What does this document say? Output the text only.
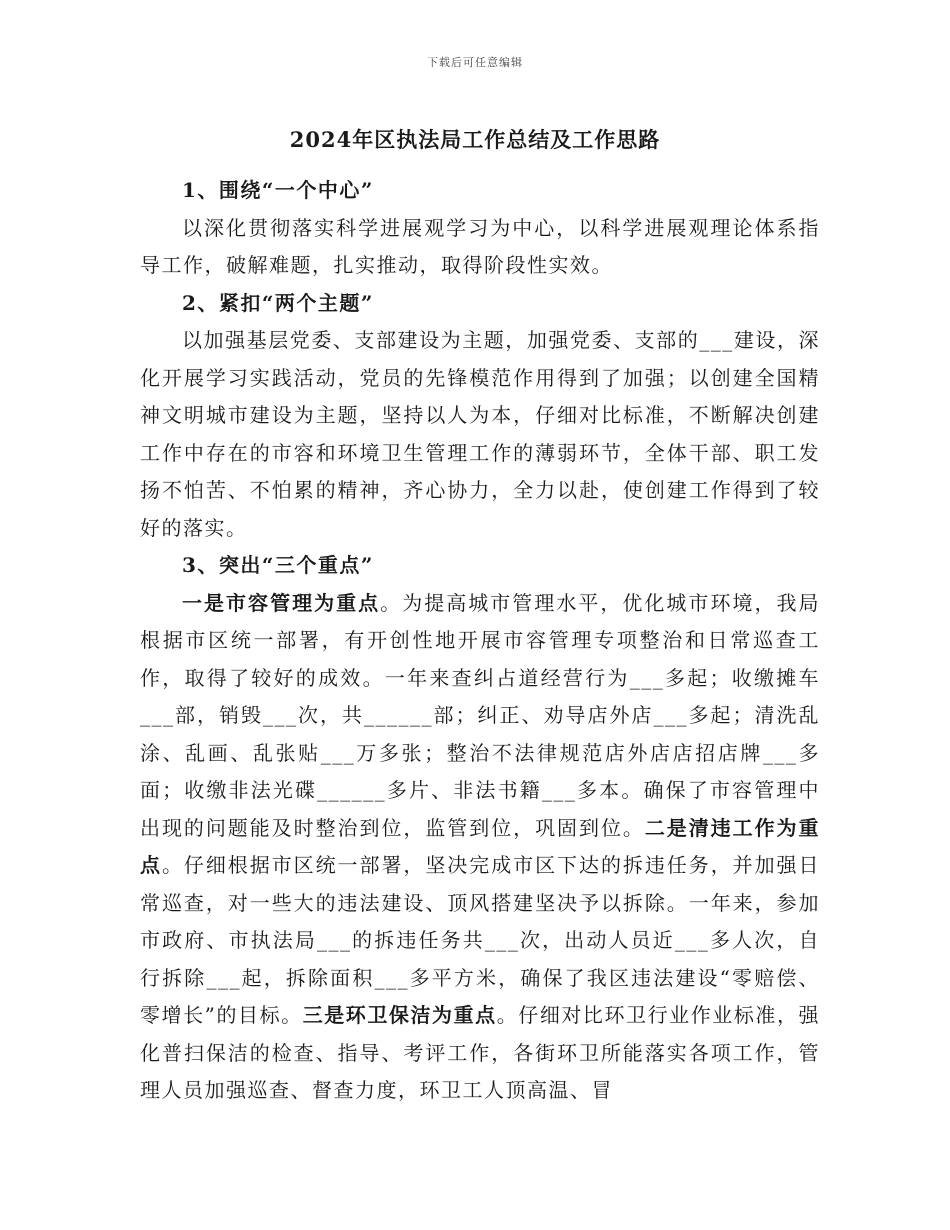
下载后可任意编辑
2024年区执法局工作总结及工作思路

1、围绕“一个中心”

以深化贯彻落实科学进展观学习为中心，以科学进展观理论体系指导工作，破解难题，扎实推动，取得阶段性实效。

2、紧扣“两个主题”

以加强基层党委、支部建设为主题，加强党委、支部的___建设，深化开展学习实践活动，党员的先锋模范作用得到了加强；以创建全国精神文明城市建设为主题，坚持以人为本，仔细对比标准，不断解决创建工作中存在的市容和环境卫生管理工作的薄弱环节，全体干部、职工发扬不怕苦、不怕累的精神，齐心协力，全力以赴，使创建工作得到了较好的落实。

3、突出“三个重点”

一是市容管理为重点。为提高城市管理水平，优化城市环境，我局根据市区统一部署，有开创性地开展市容管理专项整治和日常巡查工作，取得了较好的成效。一年来查纠占道经营行为___多起；收缴摊车___部，销毁___次，共______部；纠正、劝导店外店___多起；清洗乱涂、乱画、乱张贴___万多张；整治不法律规范店外店店招店牌___多面；收缴非法光碟______多片、非法书籍___多本。确保了市容管理中出现的问题能及时整治到位，监管到位，巩固到位。二是清违工作为重点。仔细根据市区统一部署，坚决完成市区下达的拆违任务，并加强日常巡查，对一些大的违法建设、顶风搭建坚决予以拆除。一年来，参加市政府、市执法局___的拆违任务共___次，出动人员近___多人次，自行拆除___起，拆除面积___多平方米，确保了我区违法建设“零赔偿、零增长”的目标。三是环卫保洁为重点。仔细对比环卫行业作业标准，强化普扫保洁的检查、指导、考评工作，各街环卫所能落实各项工作，管理人员加强巡查、督查力度，环卫工人顶高温、冒
